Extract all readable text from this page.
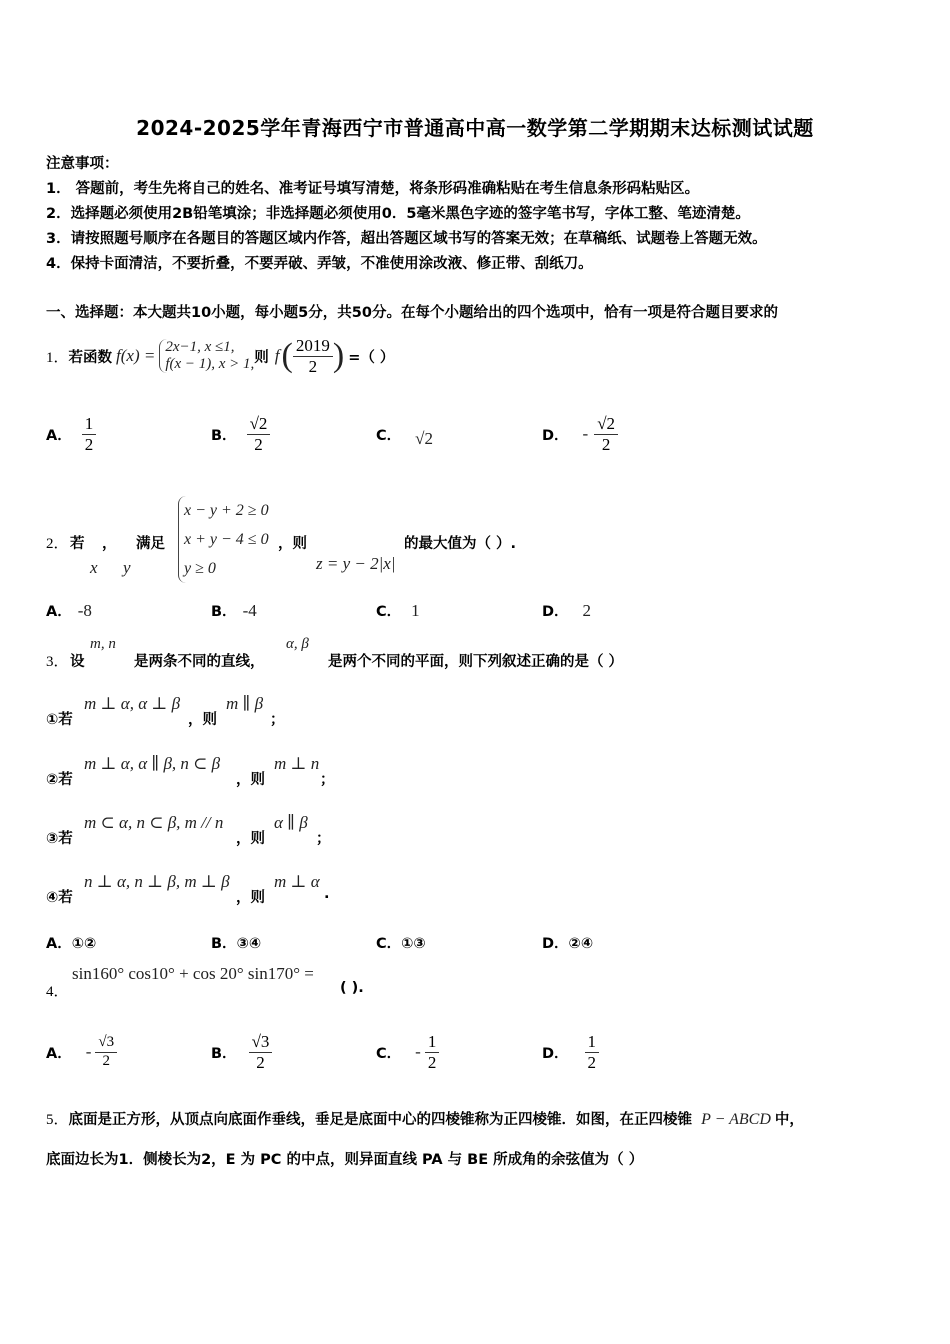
2024-2025学年青海西宁市普通高中高一数学第二学期期末达标测试试题
注意事项：
1． 答题前，考生先将自己的姓名、准考证号填写清楚，将条形码准确粘贴在考生信息条形码粘贴区。
2．选择题必须使用2B铅笔填涂；非选择题必须使用0．5毫米黑色字迹的签字笔书写，字体工整、笔迹清楚。
3．请按照题号顺序在各题目的答题区域内作答，超出答题区域书写的答案无效；在草稿纸、试题卷上答题无效。
4．保持卡面清洁，不要折叠，不要弄破、弄皱，不准使用涂改液、修正带、刮纸刀。
一、选择题：本大题共10小题，每小题5分，共50分。在每个小题给出的四个选项中，恰有一项是符合题目要求的
1． 若函数 f(x) = 2x−1, x ≤1,
f(x − 1), x > 1, 则 f ( $\frac{2019}{2}$ ) =（ ）
A． $\frac{1}{2}$	B． $\frac{√2}{2}$	C． √2	D． - $\frac{√2}{2}$
2． 若 ， 满足
x y
x − y + 2 ≥ 0
x + y − 4 ≤ 0
y ≥ 0
，则
z = y − 2|x|
的最大值为（ ）.
A． -8	B． -4	C． 1	D． 2
3． 设
m, n
是两条不同的直线，
α, β
是两个不同的平面，则下列叙述正确的是（ ）
①若
m ⊥ α, α ⊥ β
，则
m ∥ β
；
②若
m ⊥ α, α ∥ β, n ⊂ β
，则
m ⊥ n
；
③若
m ⊂ α, n ⊂ β, m // n
，则
α ∥ β
；
④若
n ⊥ α, n ⊥ β, m ⊥ β
，则
m ⊥ α
.
A．①②	B．③④	C．①③	D．②④
4．
sin160° cos10° + cos 20° sin170° =
( ).
A． - $\frac{√3}{2}$	B． $\frac{√3}{2}$	C． - $\frac{1}{2}$	D． $\frac{1}{2}$
5．底面是正方形，从顶点向底面作垂线，垂足是底面中心的四棱锥称为正四棱锥．如图，在正四棱锥 P − ABCD 中，
底面边长为1．侧棱长为2，E 为 PC 的中点，则异面直线 PA 与 BE 所成角的余弦值为（ ）
